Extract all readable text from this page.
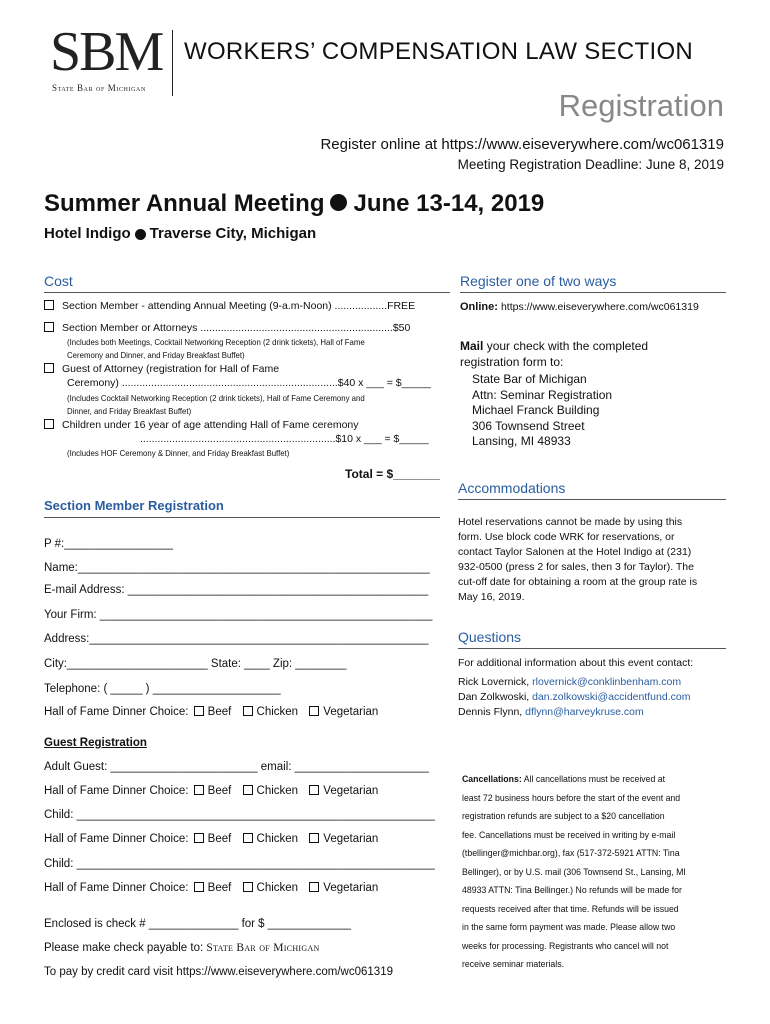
SBM
State Bar of Michigan
WORKERS’ COMPENSATION LAW SECTION
Registration
Register online at https://www.eiseverywhere.com/wc061319
Meeting Registration Deadline: June 8, 2019
Summer Annual Meeting June 13-14, 2019
Hotel Indigo Traverse City, Michigan
Cost
Section Member - attending Annual Meeting (9-a.m-Noon) ..................FREE
Section Member or Attorneys ..................................................................$50
(Includes both Meetings, Cocktail Networking Reception (2 drink tickets), Hall of Fame
Ceremony and Dinner, and Friday Breakfast Buffet)
Guest of Attorney (registration for Hall of Fame
Ceremony) ..........................................................................$40 x ___ = $_____
(Includes Cocktail Networking Reception (2 drink tickets), Hall of Fame Ceremony and
Dinner, and Friday Breakfast Buffet)
Children under 16 year of age attending Hall of Fame ceremony
...................................................................$10 x ___ = $_____
(Includes HOF Ceremony & Dinner, and Friday Breakfast Buffet)
Total = $_______
Section Member Registration
P #:_________________
Name:_______________________________________________________
E-mail Address: _______________________________________________
Your Firm: ____________________________________________________
Address:_____________________________________________________
City:______________________ State: ____ Zip: ________
Telephone: ( _____ ) ____________________
Hall of Fame Dinner Choice: Beef Chicken Vegetarian
Guest Registration
Adult Guest: _______________________ email: _____________________
Hall of Fame Dinner Choice: Beef Chicken Vegetarian
Child: ________________________________________________________
Hall of Fame Dinner Choice: Beef Chicken Vegetarian
Child: ________________________________________________________
Hall of Fame Dinner Choice: Beef Chicken Vegetarian
Enclosed is check # ______________ for $ _____________
Please make check payable to: State Bar of Michigan
To pay by credit card visit https://www.eiseverywhere.com/wc061319
Register one of two ways
Online: https://www.eiseverywhere.com/wc061319
Mail your check with the completed
registration form to:
State Bar of Michigan
Attn: Seminar Registration
Michael Franck Building
306 Townsend Street
Lansing, MI 48933
Accommodations
Hotel reservations cannot be made by using this
form. Use block code WRK for reservations, or
contact Taylor Salonen at the Hotel Indigo at (231)
932-0500 (press 2 for sales, then 3 for Taylor). The
cut-off date for obtaining a room at the group rate is
May 16, 2019.
Questions
For additional information about this event contact:
Rick Lovernick, rlovernick@conklinbenham.com
Dan Zolkwoski, dan.zolkowski@accidentfund.com
Dennis Flynn, dflynn@harveykruse.com
Cancellations: All cancellations must be received at
least 72 business hours before the start of the event and
registration refunds are subject to a $20 cancellation
fee. Cancellations must be received in writing by e-mail
(tbellinger@michbar.org), fax (517-372-5921 ATTN: Tina
Bellinger), or by U.S. mail (306 Townsend St., Lansing, MI
48933 ATTN: Tina Bellinger.) No refunds will be made for
requests received after that time. Refunds will be issued
in the same form payment was made. Please allow two
weeks for processing. Registrants who cancel will not
receive seminar materials.
